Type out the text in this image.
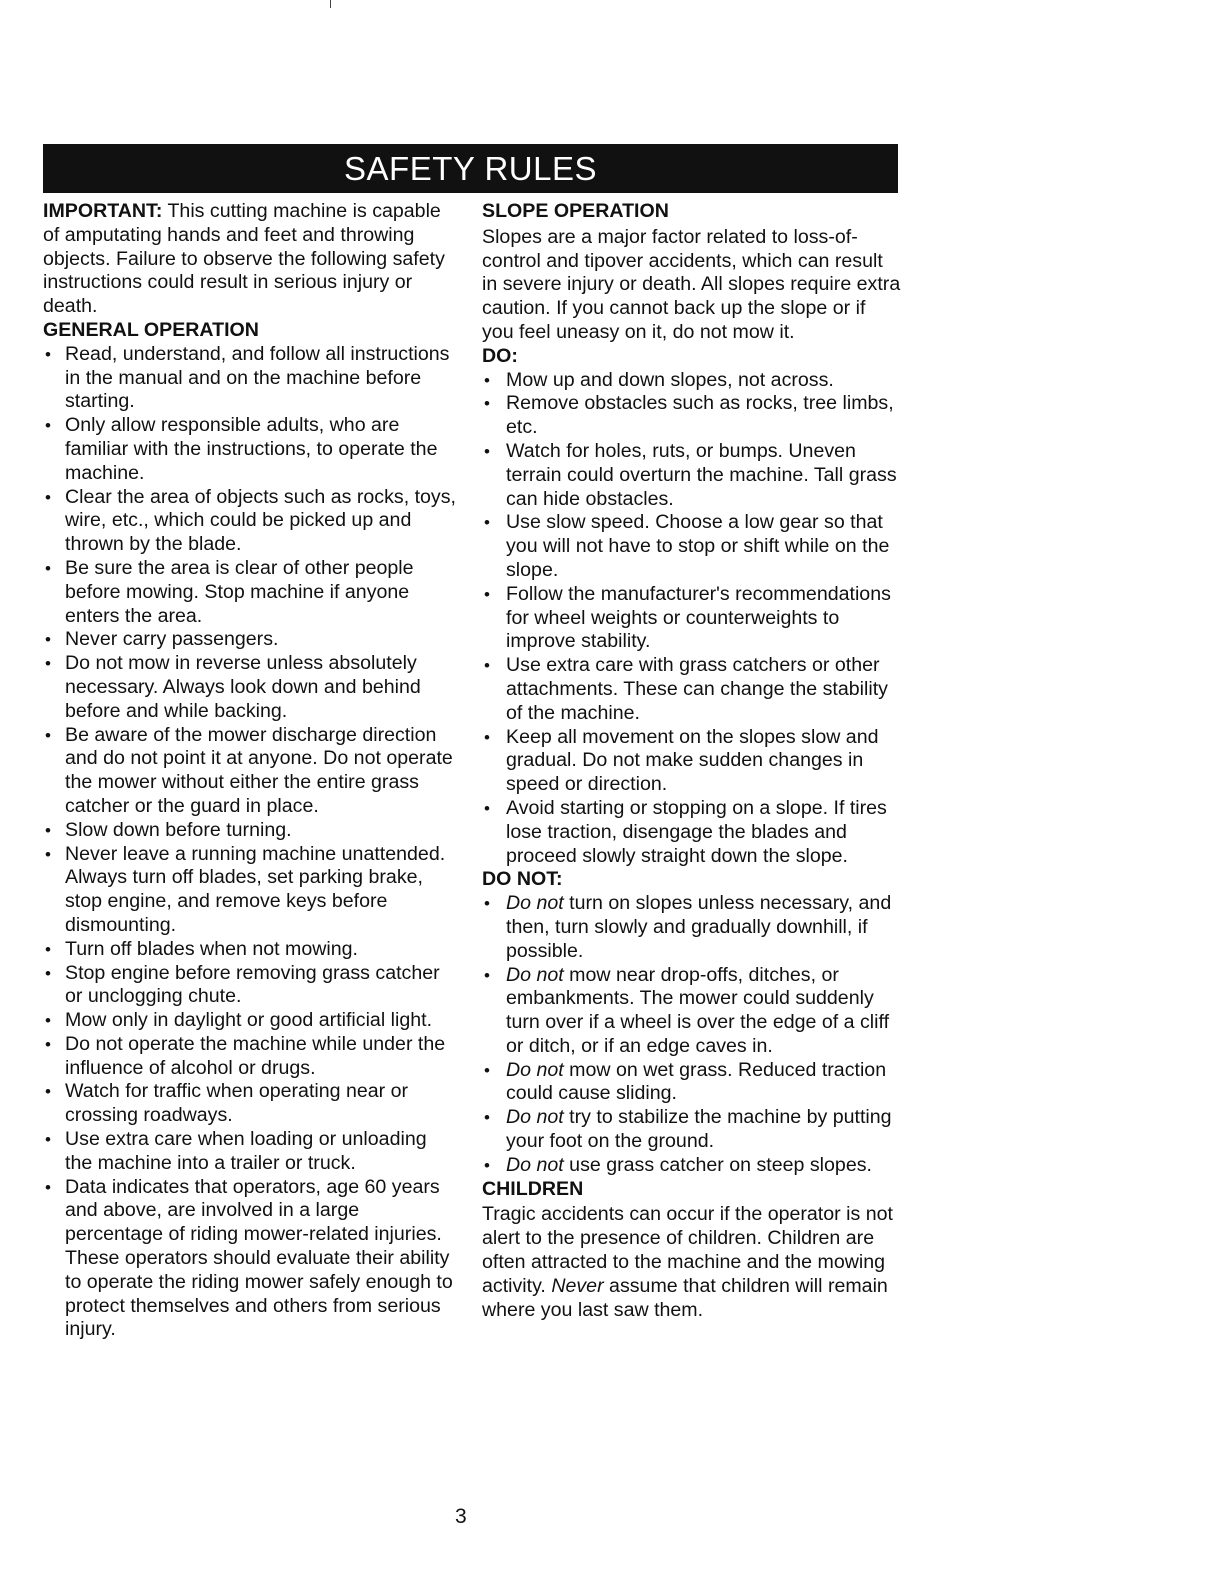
SAFETY RULES

IMPORTANT: This cutting machine is capable of amputating hands and feet and throwing objects. Failure to observe the following safety instructions could result in serious injury or death.

GENERAL OPERATION
• Read, understand, and follow all instructions in the manual and on the machine before starting.
• Only allow responsible adults, who are familiar with the instructions, to operate the machine.
• Clear the area of objects such as rocks, toys, wire, etc., which could be picked up and thrown by the blade.
• Be sure the area is clear of other people before mowing. Stop machine if anyone enters the area.
• Never carry passengers.
• Do not mow in reverse unless absolutely necessary. Always look down and behind before and while backing.
• Be aware of the mower discharge direction and do not point it at anyone. Do not operate the mower without either the entire grass catcher or the guard in place.
• Slow down before turning.
• Never leave a running machine unattended. Always turn off blades, set parking brake, stop engine, and remove keys before dismounting.
• Turn off blades when not mowing.
• Stop engine before removing grass catcher or unclogging chute.
• Mow only in daylight or good artificial light.
• Do not operate the machine while under the influence of alcohol or drugs.
• Watch for traffic when operating near or crossing roadways.
• Use extra care when loading or unloading the machine into a trailer or truck.
• Data indicates that operators, age 60 years and above, are involved in a large percentage of riding mower-related injuries. These operators should evaluate their ability to operate the riding mower safely enough to protect themselves and others from serious injury.
SLOPE OPERATION

Slopes are a major factor related to loss-of-control and tipover accidents, which can result in severe injury or death. All slopes require extra caution. If you cannot back up the slope or if you feel uneasy on it, do not mow it.

DO:
• Mow up and down slopes, not across.
• Remove obstacles such as rocks, tree limbs, etc.
• Watch for holes, ruts, or bumps. Uneven terrain could overturn the machine. Tall grass can hide obstacles.
• Use slow speed. Choose a low gear so that you will not have to stop or shift while on the slope.
• Follow the manufacturer's recommendations for wheel weights or counterweights to improve stability.
• Use extra care with grass catchers or other attachments. These can change the stability of the machine.
• Keep all movement on the slopes slow and gradual. Do not make sudden changes in speed or direction.
• Avoid starting or stopping on a slope. If tires lose traction, disengage the blades and proceed slowly straight down the slope.
DO NOT:
• Do not turn on slopes unless necessary, and then, turn slowly and gradually downhill, if possible.
• Do not mow near drop-offs, ditches, or embankments. The mower could suddenly turn over if a wheel is over the edge of a cliff or ditch, or if an edge caves in.
• Do not mow on wet grass. Reduced traction could cause sliding.
• Do not try to stabilize the machine by putting your foot on the ground.
• Do not use grass catcher on steep slopes.
CHILDREN

Tragic accidents can occur if the operator is not alert to the presence of children. Children are often attracted to the machine and the mowing activity. Never assume that children will remain where you last saw them.

3
